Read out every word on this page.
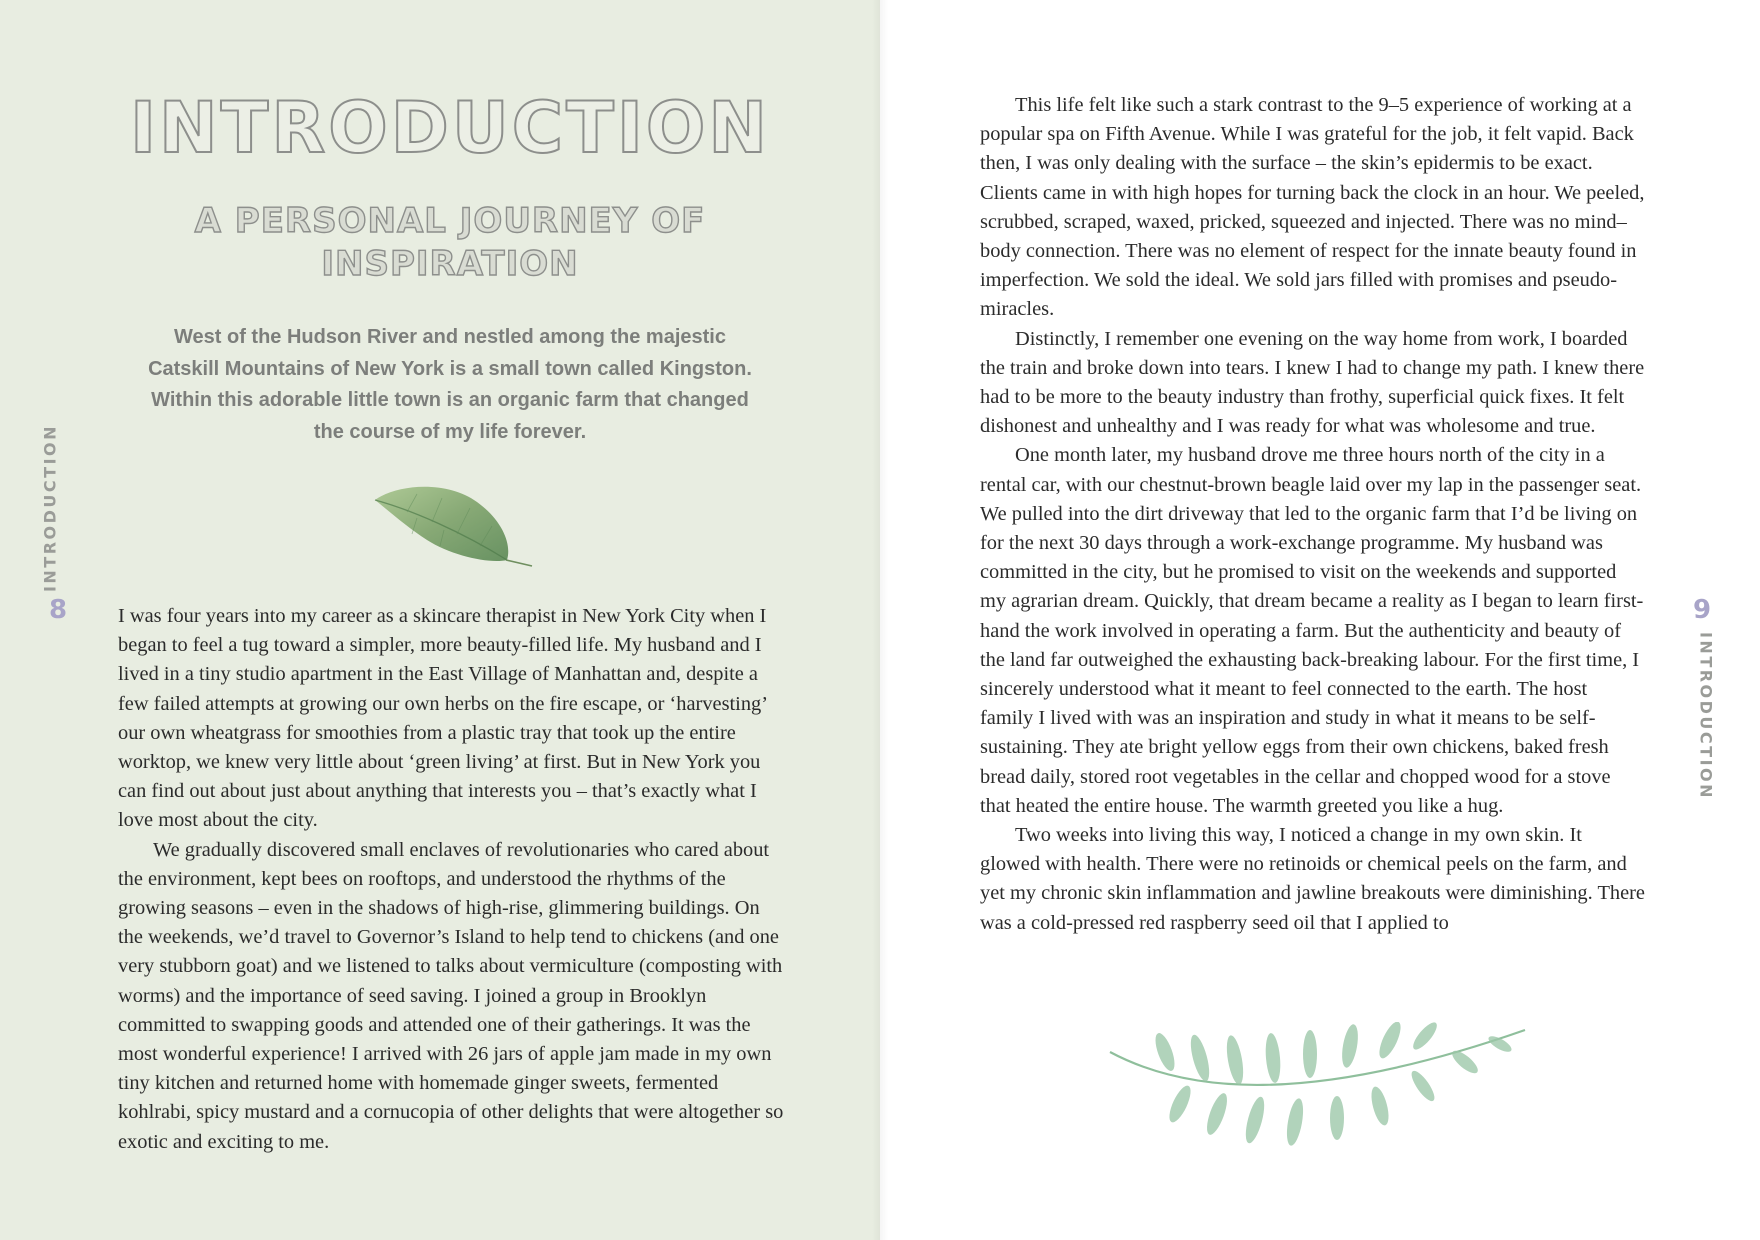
INTRODUCTION
A PERSONAL JOURNEY OF INSPIRATION

West of the Hudson River and nestled among the majestic Catskill Mountains of New York is a small town called Kingston. Within this adorable little town is an organic farm that changed the course of my life forever.

I was four years into my career as a skincare therapist in New York City when I began to feel a tug toward a simpler, more beauty-filled life. My husband and I lived in a tiny studio apartment in the East Village of Manhattan and, despite a few failed attempts at growing our own herbs on the fire escape, or ‘harvesting’ our own wheatgrass for smoothies from a plastic tray that took up the entire worktop, we knew very little about ‘green living’ at first. But in New York you can find out about just about anything that interests you – that’s exactly what I love most about the city.

We gradually discovered small enclaves of revolutionaries who cared about the environment, kept bees on rooftops, and understood the rhythms of the growing seasons – even in the shadows of high-rise, glimmering buildings. On the weekends, we’d travel to Governor’s Island to help tend to chickens (and one very stubborn goat) and we listened to talks about vermiculture (composting with worms) and the importance of seed saving. I joined a group in Brooklyn committed to swapping goods and attended one of their gatherings. It was the most wonderful experience! I arrived with 26 jars of apple jam made in my own tiny kitchen and returned home with homemade ginger sweets, fermented kohlrabi, spicy mustard and a cornucopia of other delights that were altogether so exotic and exciting to me.

INTRODUCTION
8

This life felt like such a stark contrast to the 9–5 experience of working at a popular spa on Fifth Avenue. While I was grateful for the job, it felt vapid. Back then, I was only dealing with the surface – the skin’s epidermis to be exact. Clients came in with high hopes for turning back the clock in an hour. We peeled, scrubbed, scraped, waxed, pricked, squeezed and injected. There was no mind–body connection. There was no element of respect for the innate beauty found in imperfection. We sold the ideal. We sold jars filled with promises and pseudo-miracles.

Distinctly, I remember one evening on the way home from work, I boarded the train and broke down into tears. I knew I had to change my path. I knew there had to be more to the beauty industry than frothy, superficial quick fixes. It felt dishonest and unhealthy and I was ready for what was wholesome and true.

One month later, my husband drove me three hours north of the city in a rental car, with our chestnut-brown beagle laid over my lap in the passenger seat. We pulled into the dirt driveway that led to the organic farm that I’d be living on for the next 30 days through a work-exchange programme. My husband was committed in the city, but he promised to visit on the weekends and supported my agrarian dream. Quickly, that dream became a reality as I began to learn first-hand the work involved in operating a farm. But the authenticity and beauty of the land far outweighed the exhausting back-breaking labour. For the first time, I sincerely understood what it meant to feel connected to the earth. The host family I lived with was an inspiration and study in what it means to be self-sustaining. They ate bright yellow eggs from their own chickens, baked fresh bread daily, stored root vegetables in the cellar and chopped wood for a stove that heated the entire house. The warmth greeted you like a hug.

Two weeks into living this way, I noticed a change in my own skin. It glowed with health. There were no retinoids or chemical peels on the farm, and yet my chronic skin inflammation and jawline breakouts were diminishing. There was a cold-pressed red raspberry seed oil that I applied to

9
INTRODUCTION
